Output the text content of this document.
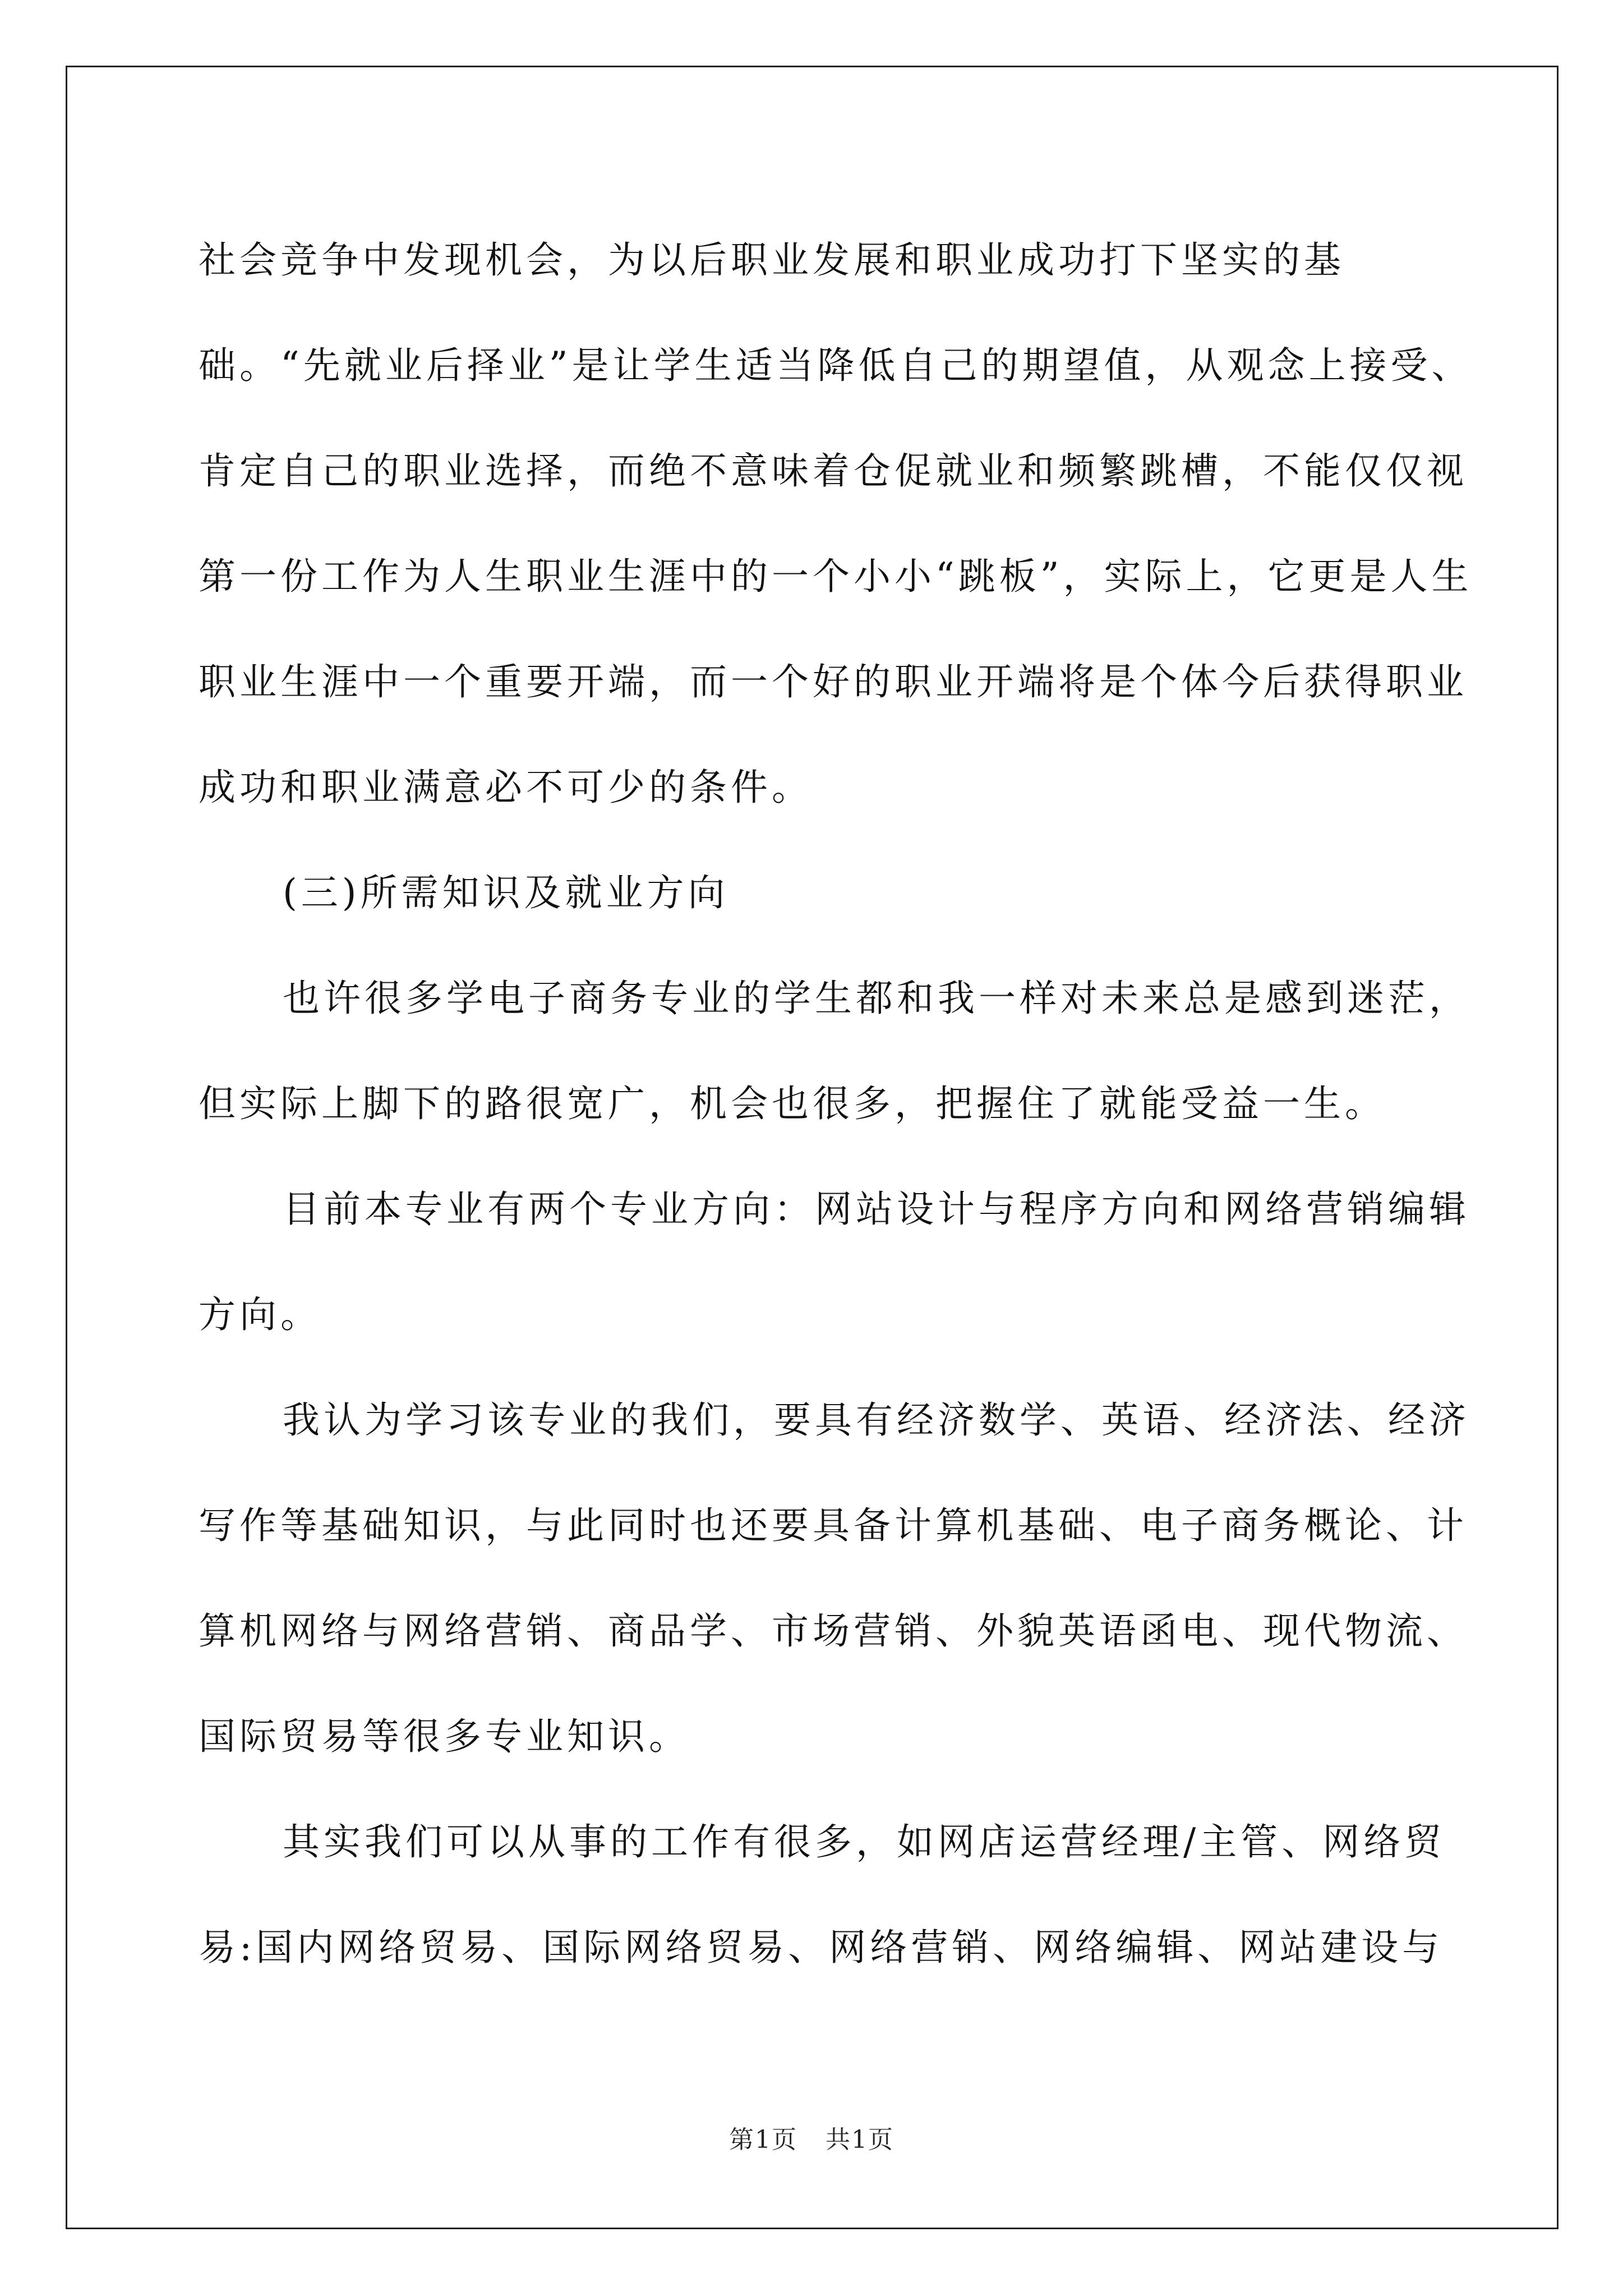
社会竞争中发现机会，为以后职业发展和职业成功打下坚实的基础。“先就业后择业”是让学生适当降低自己的期望值，从观念上接受、肯定自己的职业选择，而绝不意味着仓促就业和频繁跳槽，不能仅仅视第一份工作为人生职业生涯中的一个小小“跳板”，实际上，它更是人生职业生涯中一个重要开端，而一个好的职业开端将是个体今后获得职业成功和职业满意必不可少的条件。

(三)所需知识及就业方向

也许很多学电子商务专业的学生都和我一样对未来总是感到迷茫，但实际上脚下的路很宽广，机会也很多，把握住了就能受益一生。

目前本专业有两个专业方向：网站设计与程序方向和网络营销编辑方向。

我认为学习该专业的我们，要具有经济数学、英语、经济法、经济写作等基础知识，与此同时也还要具备计算机基础、电子商务概论、计算机网络与网络营销、商品学、市场营销、外貌英语函电、现代物流、国际贸易等很多专业知识。

其实我们可以从事的工作有很多，如网店运营经理/主管、网络贸易:国内网络贸易、国际网络贸易、网络营销、网络编辑、网站建设与

第1页 共1页
